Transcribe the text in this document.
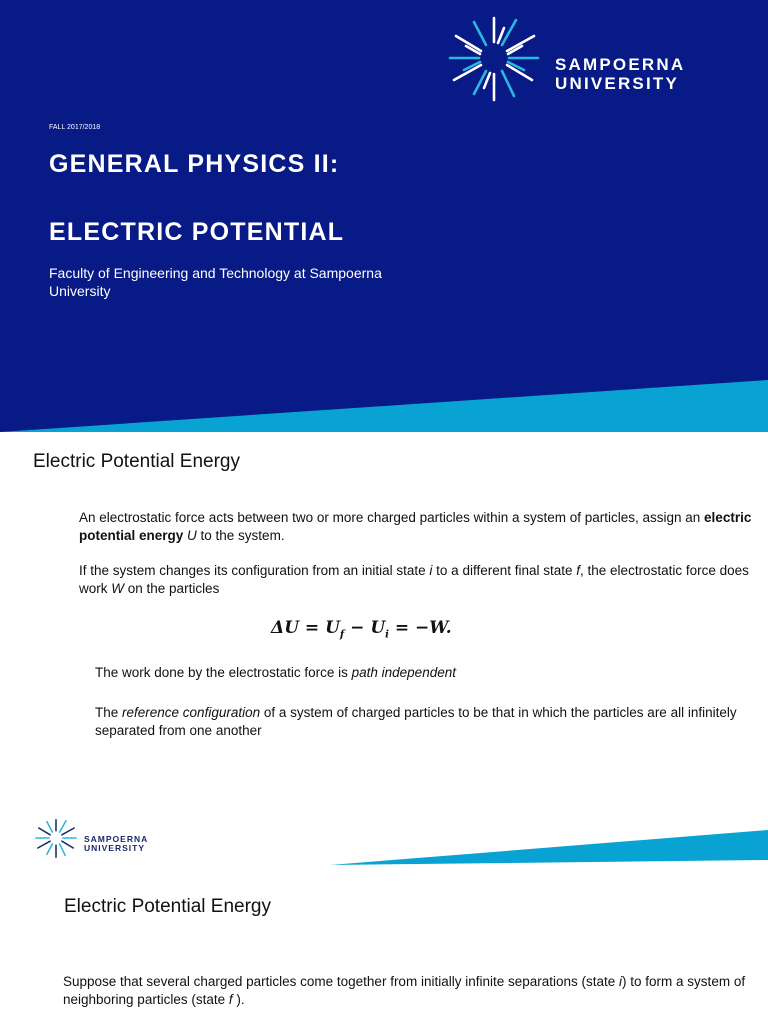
SAMPOERNA
UNIVERSITY
FALL 2017/2018
GENERAL PHYSICS II:
ELECTRIC POTENTIAL
Faculty of Engineering and Technology at Sampoerna University
Electric Potential Energy
An electrostatic force acts between two or more charged particles within a system of particles, assign an electric potential energy U to the system.
If the system changes its configuration from an initial state i to a different final state f, the electrostatic force does work W on the particles
$\Delta U = U_f - U_i = -W$.
The work done by the electrostatic force is path independent
The reference configuration of a system of charged particles to be that in which the particles are all infinitely separated from one another
SAMPOERNA
UNIVERSITY
Electric Potential Energy
Suppose that several charged particles come together from initially infinite separations (state i) to form a system of neighboring particles (state f ).
